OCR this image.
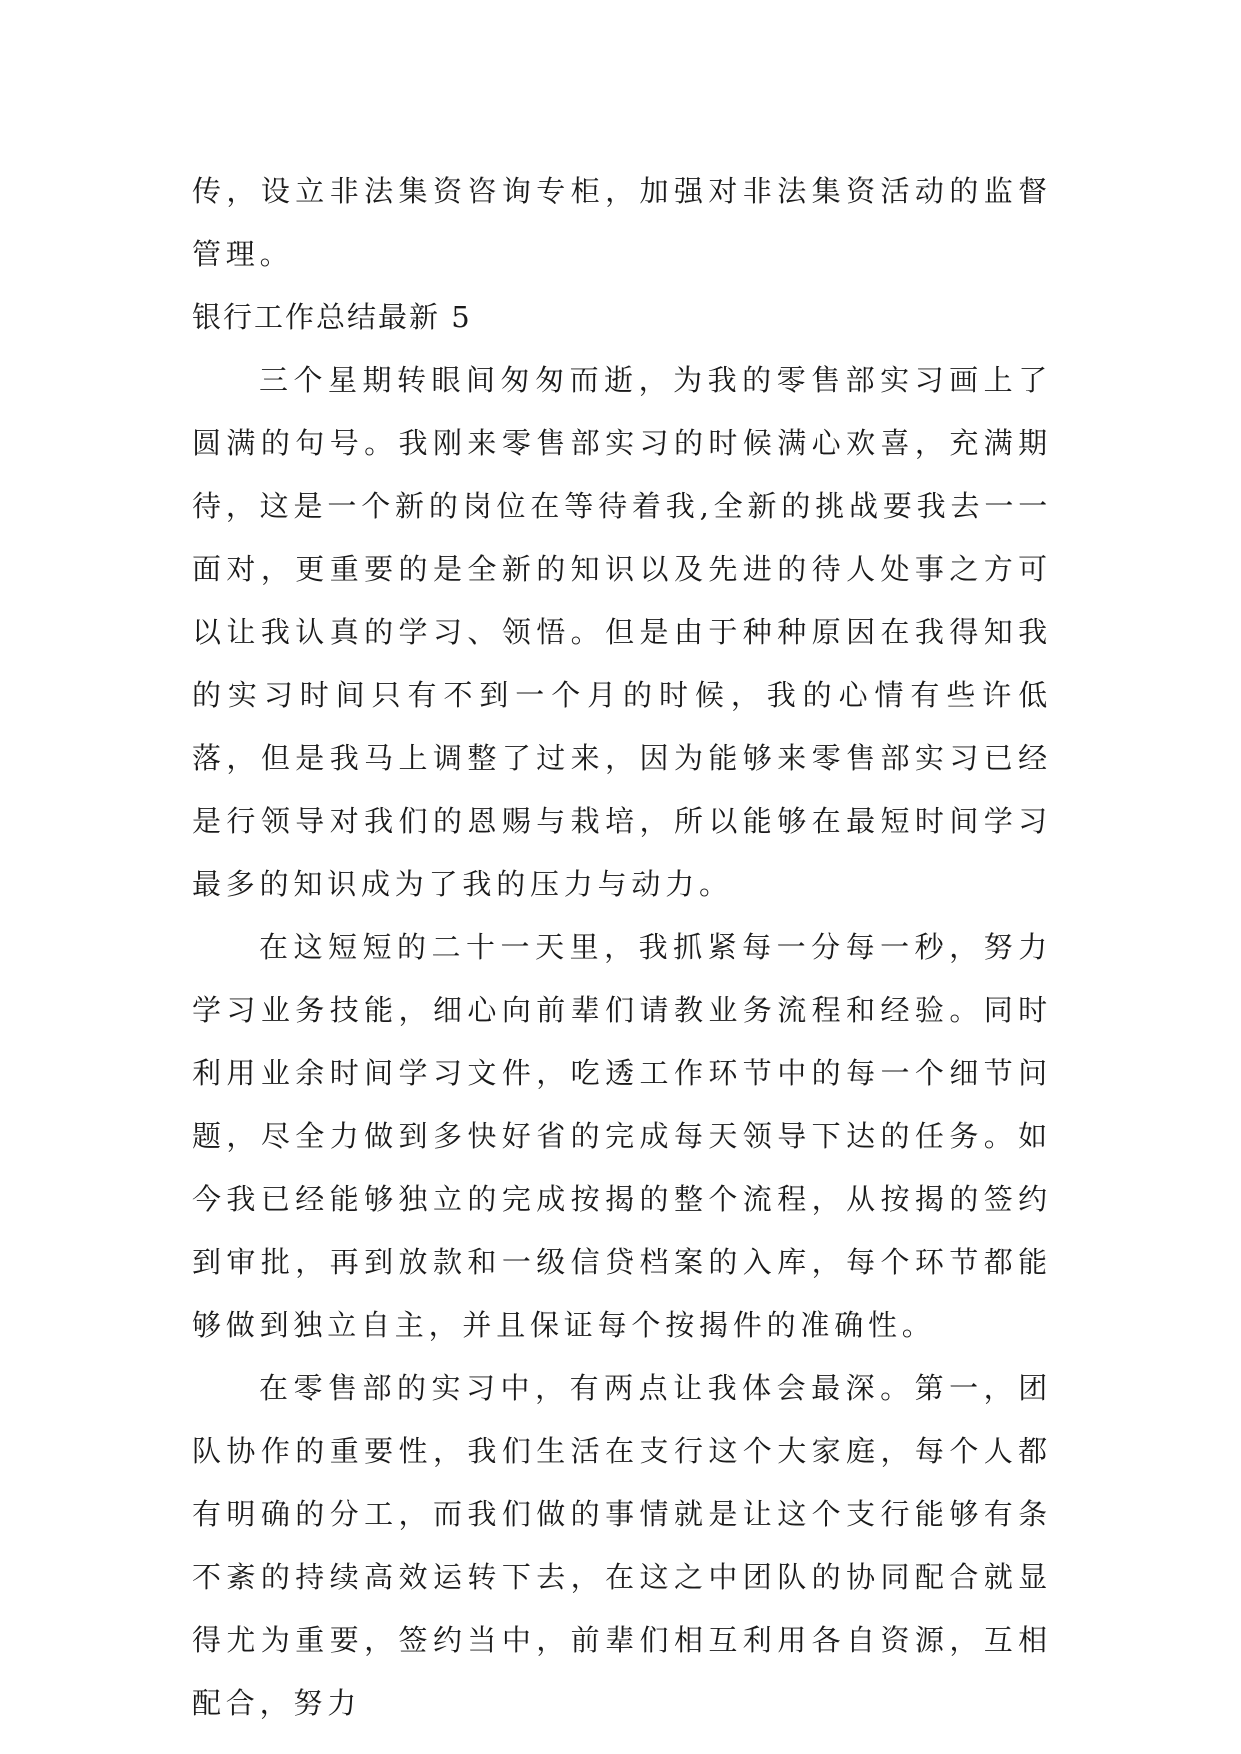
传，设立非法集资咨询专柜，加强对非法集资活动的监督管理。

银行工作总结最新 5

三个星期转眼间匆匆而逝，为我的零售部实习画上了圆满的句号。我刚来零售部实习的时候满心欢喜，充满期待，这是一个新的岗位在等待着我,全新的挑战要我去一一面对，更重要的是全新的知识以及先进的待人处事之方可以让我认真的学习、领悟。但是由于种种原因在我得知我的实习时间只有不到一个月的时候，我的心情有些许低落，但是我马上调整了过来，因为能够来零售部实习已经是行领导对我们的恩赐与栽培，所以能够在最短时间学习最多的知识成为了我的压力与动力。

在这短短的二十一天里，我抓紧每一分每一秒，努力学习业务技能，细心向前辈们请教业务流程和经验。同时利用业余时间学习文件，吃透工作环节中的每一个细节问题，尽全力做到多快好省的完成每天领导下达的任务。如今我已经能够独立的完成按揭的整个流程，从按揭的签约到审批，再到放款和一级信贷档案的入库，每个环节都能够做到独立自主，并且保证每个按揭件的准确性。

在零售部的实习中，有两点让我体会最深。第一，团队协作的重要性，我们生活在支行这个大家庭，每个人都有明确的分工，而我们做的事情就是让这个支行能够有条不紊的持续高效运转下去，在这之中团队的协同配合就显得尤为重要，签约当中，前辈们相互利用各自资源，互相配合，努力
